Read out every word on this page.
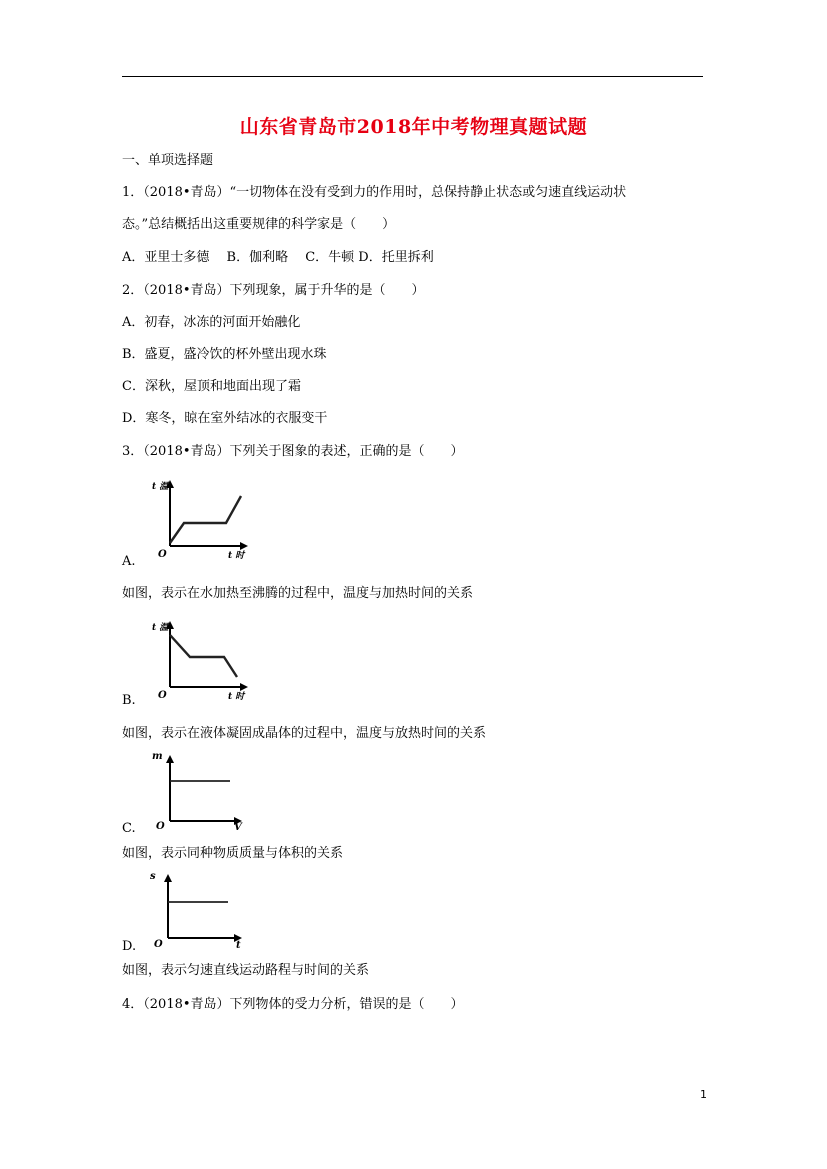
山东省青岛市2018年中考物理真题试题
一、单项选择题
1．（2018•青岛）“一切物体在没有受到力的作用时，总保持静止状态或匀速直线运动状
态。”总结概括出这重要规律的科学家是（　　）
A．亚里士多德　 B．伽利略　 C．牛顿 D．托里拆利
2．（2018•青岛）下列现象，属于升华的是（　　）
A．初春，冰冻的河面开始融化
B．盛夏，盛冷饮的杯外壁出现水珠
C．深秋，屋顶和地面出现了霜
D．寒冬，晾在室外结冰的衣服变干
3．（2018•青岛）下列关于图象的表述，正确的是（　　）
t 温
O	t 时
A.
如图，表示在水加热至沸腾的过程中，温度与加热时间的关系
t 温
O	t 时
B.
如图，表示在液体凝固成晶体的过程中，温度与放热时间的关系
m
O	V
C.
如图，表示同种物质质量与体积的关系
s
O	t
D.
如图，表示匀速直线运动路程与时间的关系
4．（2018•青岛）下列物体的受力分析，错误的是（　　）
1
